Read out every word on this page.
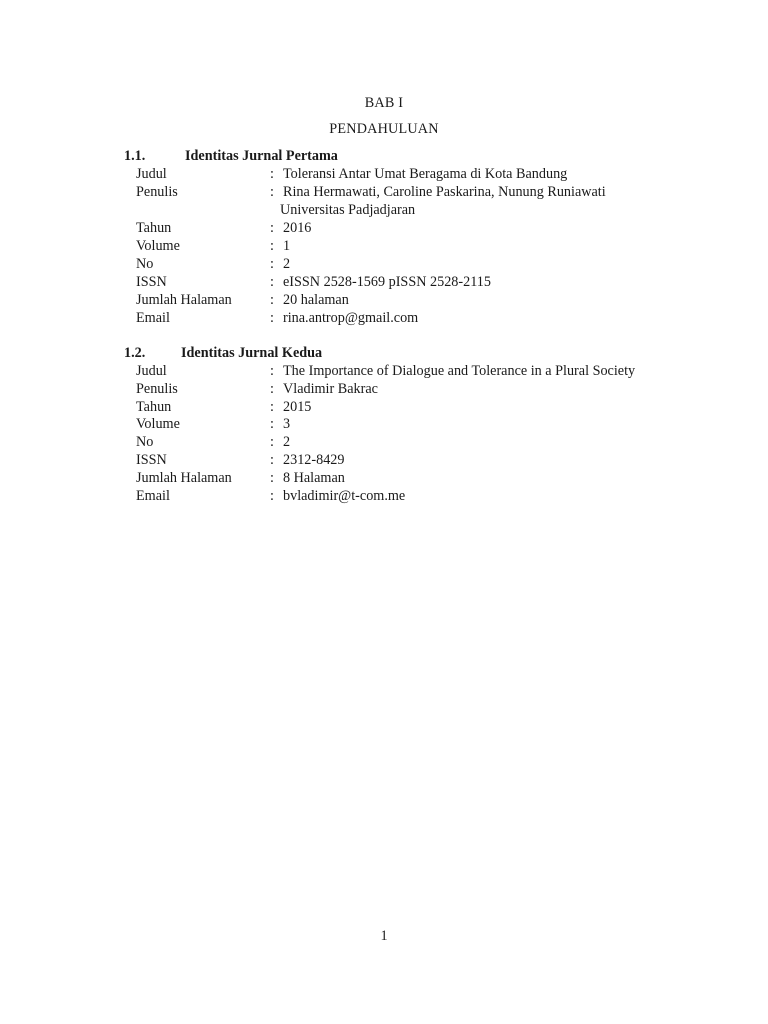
BAB I
PENDAHULUAN
1.1.	Identitas Jurnal Pertama
Judul	: Toleransi Antar Umat Beragama di Kota Bandung
Penulis	: Rina Hermawati, Caroline Paskarina, Nunung Runiawati
Universitas Padjadjaran
Tahun	: 2016
Volume	: 1
No	: 2
ISSN	: eISSN 2528-1569 pISSN 2528-2115
Jumlah Halaman	: 20 halaman
Email	: rina.antrop@gmail.com
1.2.	Identitas Jurnal Kedua
Judul	: The Importance of Dialogue and Tolerance in a Plural Society
Penulis	: Vladimir Bakrac
Tahun	: 2015
Volume	: 3
No	: 2
ISSN	: 2312-8429
Jumlah Halaman	: 8 Halaman
Email	: bvladimir@t-com.me
1
